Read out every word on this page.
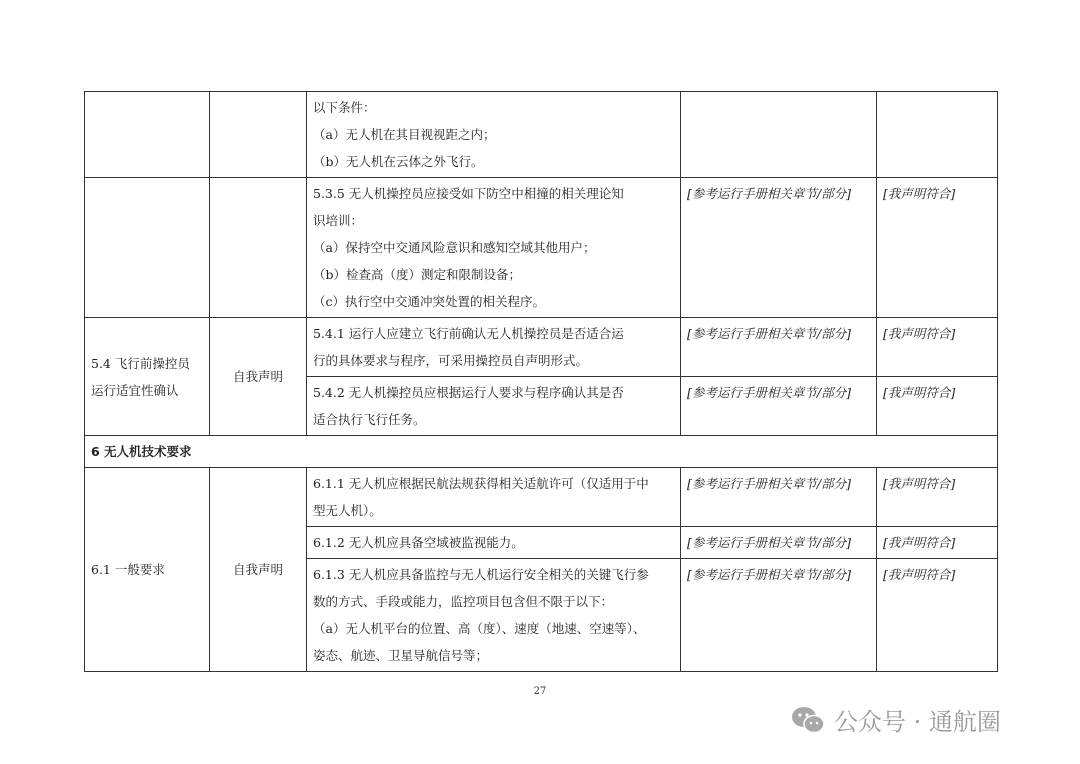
		以下条件：
（a）无人机在其目视视距之内；
（b）无人机在云体之外飞行。		

		5.3.5 无人机操控员应接受如下防空中相撞的相关理论知
识培训：
（a）保持空中交通风险意识和感知空域其他用户；
（b）检查高（度）测定和限制设备；
（c）执行空中交通冲突处置的相关程序。	[参考运行手册相关章节/部分]	[我声明符合]

5.4 飞行前操控员
运行适宜性确认	自我声明	5.4.1 运行人应建立飞行前确认无人机操控员是否适合运
行的具体要求与程序，可采用操控员自声明形式。	[参考运行手册相关章节/部分]	[我声明符合]

		5.4.2 无人机操控员应根据运行人要求与程序确认其是否
适合执行飞行任务。	[参考运行手册相关章节/部分]	[我声明符合]
6 无人机技术要求				
6.1 一般要求	自我声明	6.1.1 无人机应根据民航法规获得相关适航许可（仅适用于中
型无人机）。	[参考运行手册相关章节/部分]	[我声明符合]

		6.1.2 无人机应具备空域被监视能力。	[参考运行手册相关章节/部分]	[我声明符合]

		6.1.3 无人机应具备监控与无人机运行安全相关的关键飞行参
数的方式、手段或能力，监控项目包含但不限于以下：
（a）无人机平台的位置、高（度）、速度（地速、空速等）、
姿态、航迹、卫星导航信号等；	[参考运行手册相关章节/部分]	[我声明符合]
27
公众号 · 通航圈
